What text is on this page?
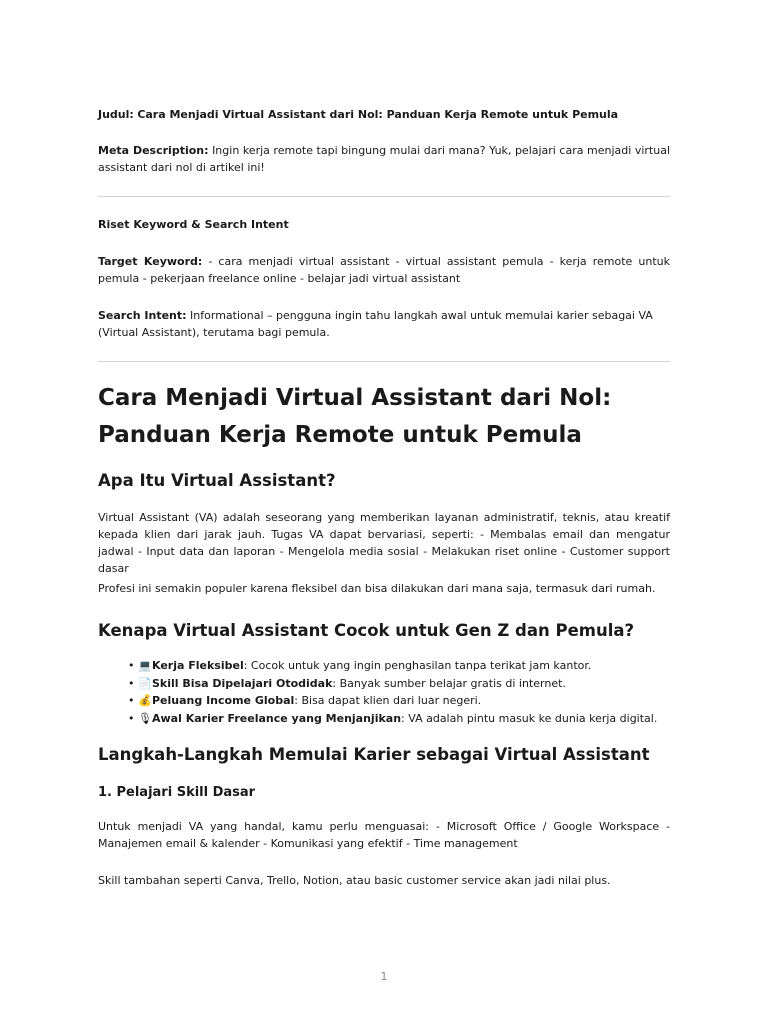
Judul: Cara Menjadi Virtual Assistant dari Nol: Panduan Kerja Remote untuk Pemula

Meta Description: Ingin kerja remote tapi bingung mulai dari mana? Yuk, pelajari cara menjadi virtual assistant dari nol di artikel ini!

Riset Keyword & Search Intent

Target Keyword: - cara menjadi virtual assistant - virtual assistant pemula - kerja remote untuk pemula - pekerjaan freelance online - belajar jadi virtual assistant

Search Intent: Informational – pengguna ingin tahu langkah awal untuk memulai karier sebagai VA (Virtual Assistant), terutama bagi pemula.

Cara Menjadi Virtual Assistant dari Nol: Panduan Kerja Remote untuk Pemula
Apa Itu Virtual Assistant?

Virtual Assistant (VA) adalah seseorang yang memberikan layanan administratif, teknis, atau kreatif kepada klien dari jarak jauh. Tugas VA dapat bervariasi, seperti: - Membalas email dan mengatur jadwal - Input data dan laporan - Mengelola media sosial - Melakukan riset online - Customer support dasar

Profesi ini semakin populer karena fleksibel dan bisa dilakukan dari mana saja, termasuk dari rumah.

Kenapa Virtual Assistant Cocok untuk Gen Z dan Pemula?
• 💻Kerja Fleksibel: Cocok untuk yang ingin penghasilan tanpa terikat jam kantor.
• 📄Skill Bisa Dipelajari Otodidak: Banyak sumber belajar gratis di internet.
• 💰Peluang Income Global: Bisa dapat klien dari luar negeri.
• 🎙Awal Karier Freelance yang Menjanjikan: VA adalah pintu masuk ke dunia kerja digital.
Langkah-Langkah Memulai Karier sebagai Virtual Assistant
1. Pelajari Skill Dasar

Untuk menjadi VA yang handal, kamu perlu menguasai: - Microsoft Office / Google Workspace - Manajemen email & kalender - Komunikasi yang efektif - Time management

Skill tambahan seperti Canva, Trello, Notion, atau basic customer service akan jadi nilai plus.

1
